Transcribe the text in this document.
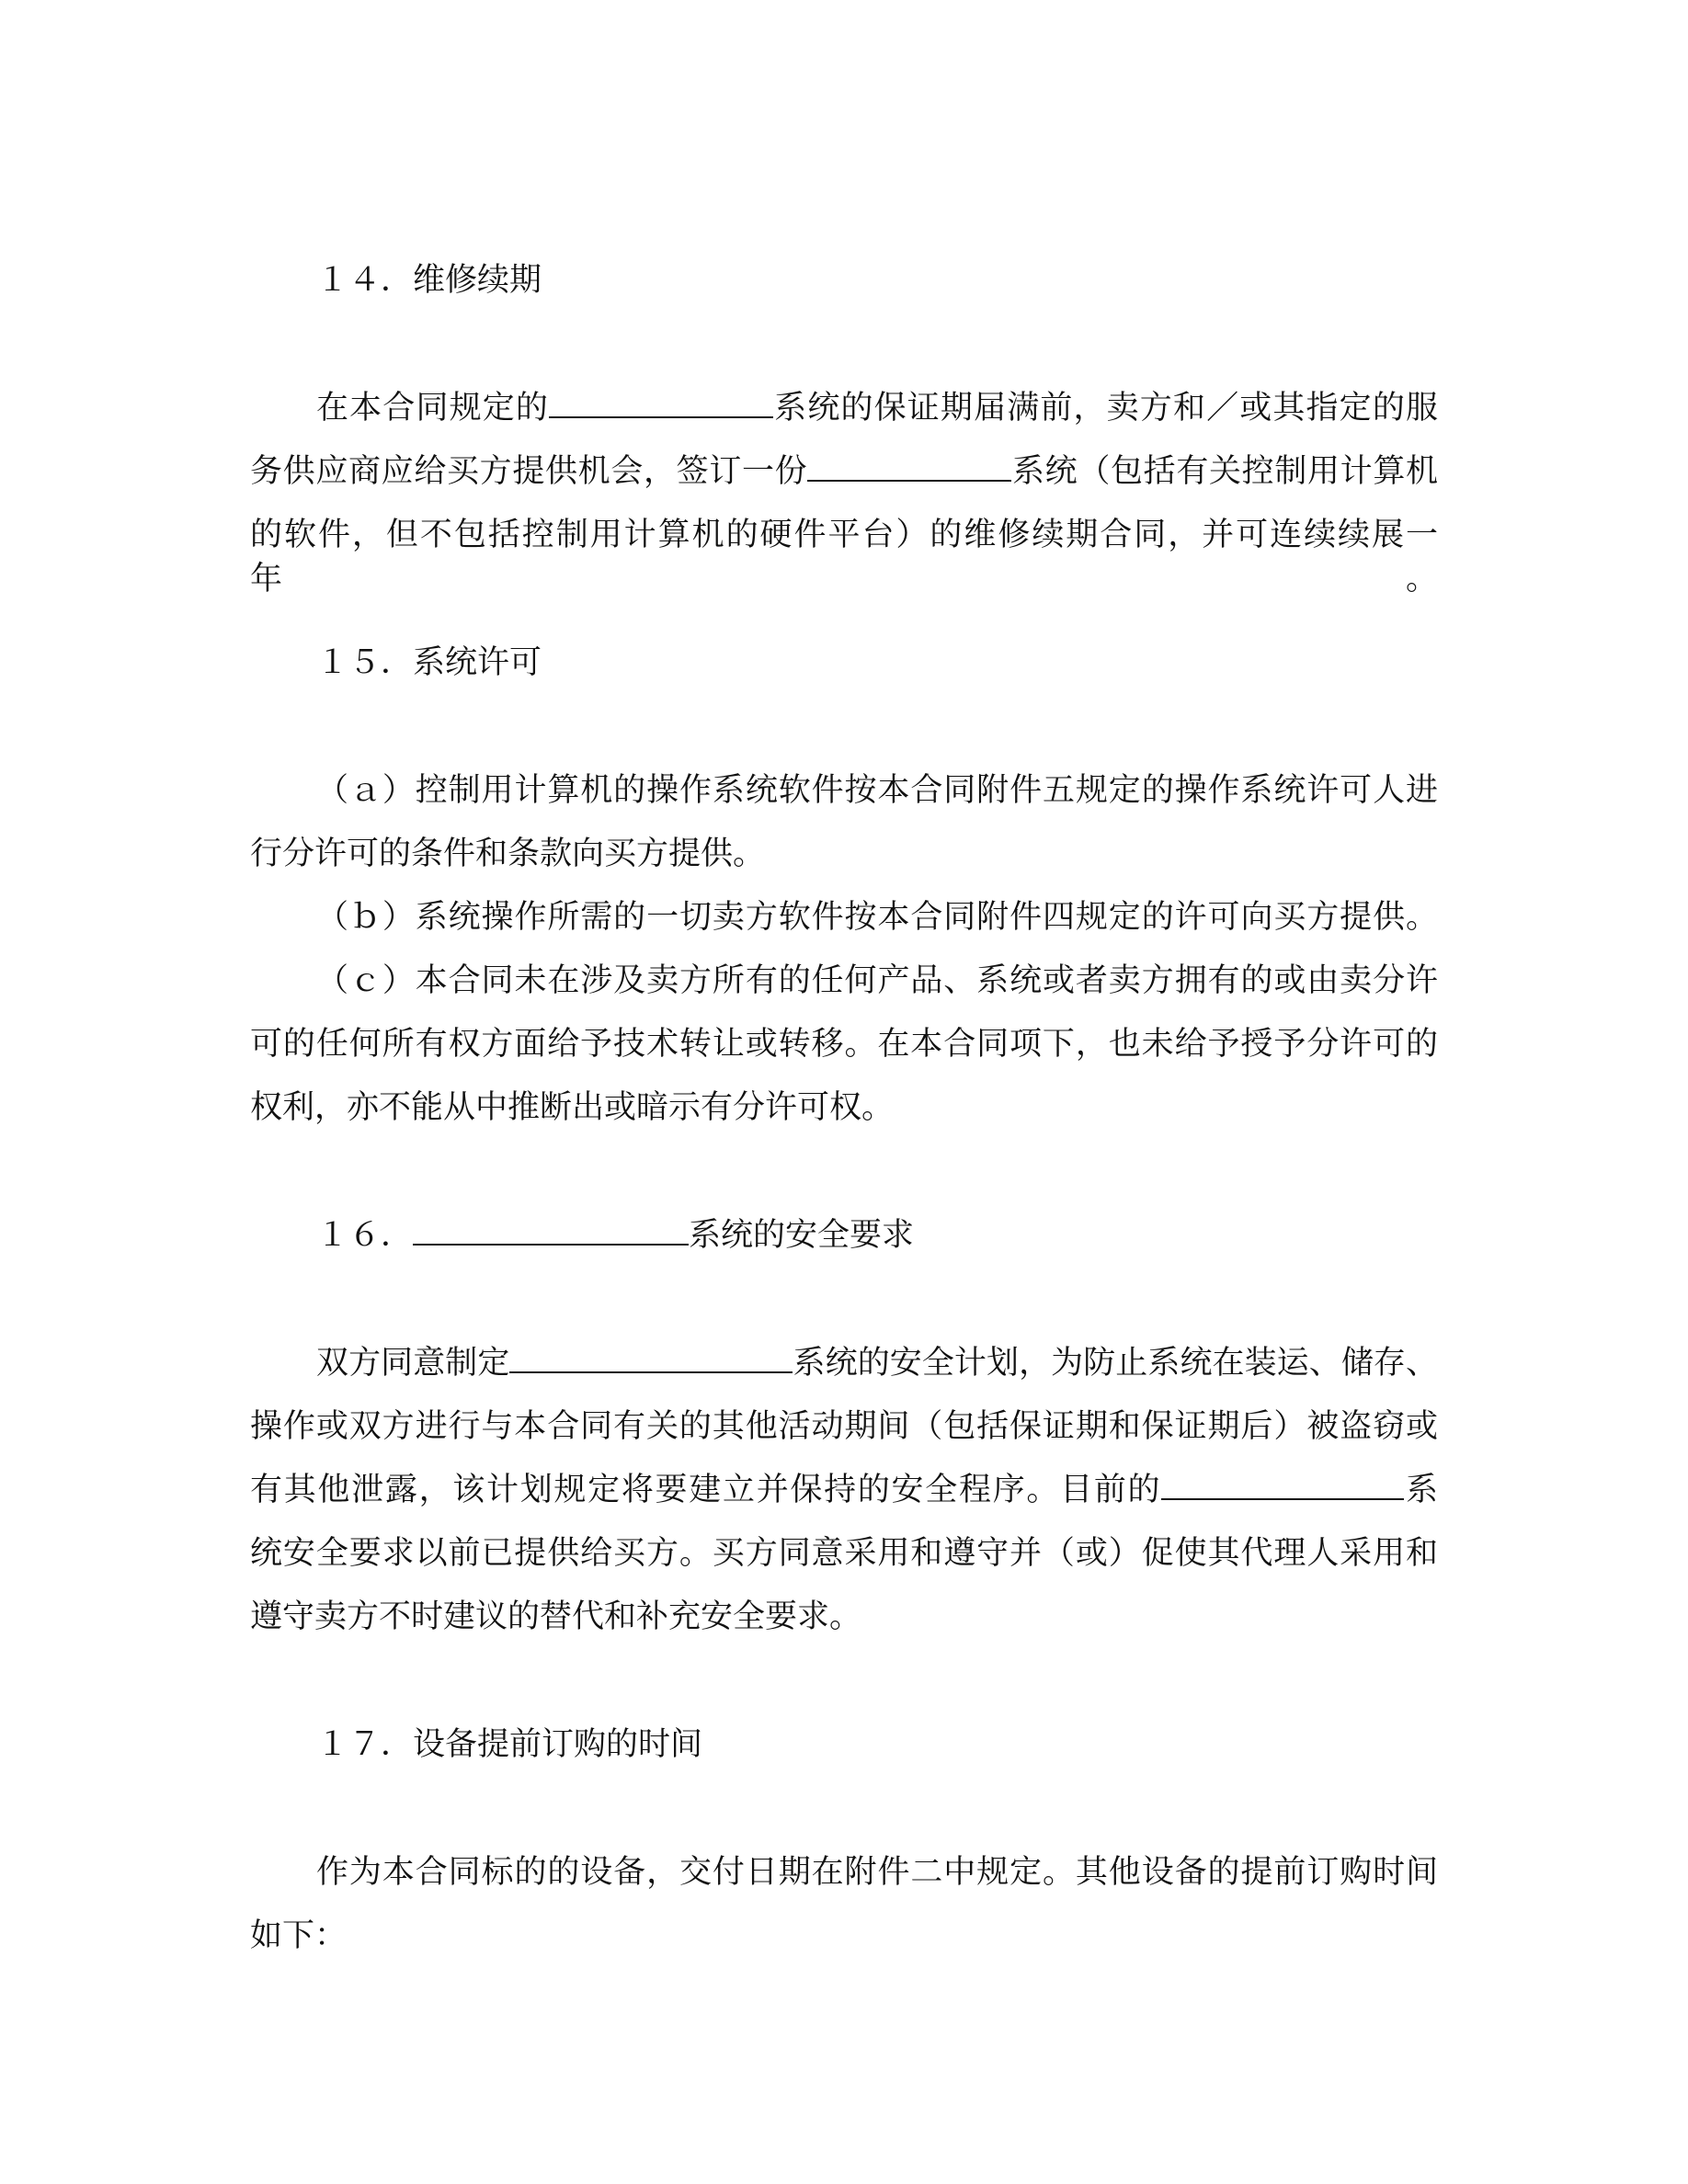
１４．维修续期
在本合同规定的	系统的保证期届满前，卖方和／或其指定的服
务供应商应给买方提供机会，签订一份	系统（包括有关控制用计算机
的软件，但不包括控制用计算机的硬件平台）的维修续期合同，并可连续续展一年。
１５．系统许可
（ａ）控制用计算机的操作系统软件按本合同附件五规定的操作系统许可人进
行分许可的条件和条款向买方提供。
（ｂ）系统操作所需的一切卖方软件按本合同附件四规定的许可向买方提供。
（ｃ）本合同未在涉及卖方所有的任何产品、系统或者卖方拥有的或由卖分许
可的任何所有权方面给予技术转让或转移。在本合同项下，也未给予授予分许可的
权利，亦不能从中推断出或暗示有分许可权。
１６．	系统的安全要求
双方同意制定	系统的安全计划，为防止系统在装运、储存、
操作或双方进行与本合同有关的其他活动期间（包括保证期和保证期后）被盗窃或
有其他泄露，该计划规定将要建立并保持的安全程序。目前的	系
统安全要求以前已提供给买方。买方同意采用和遵守并（或）促使其代理人采用和
遵守卖方不时建议的替代和补充安全要求。
１７．设备提前订购的时间
作为本合同标的的设备，交付日期在附件二中规定。其他设备的提前订购时间
如下：
